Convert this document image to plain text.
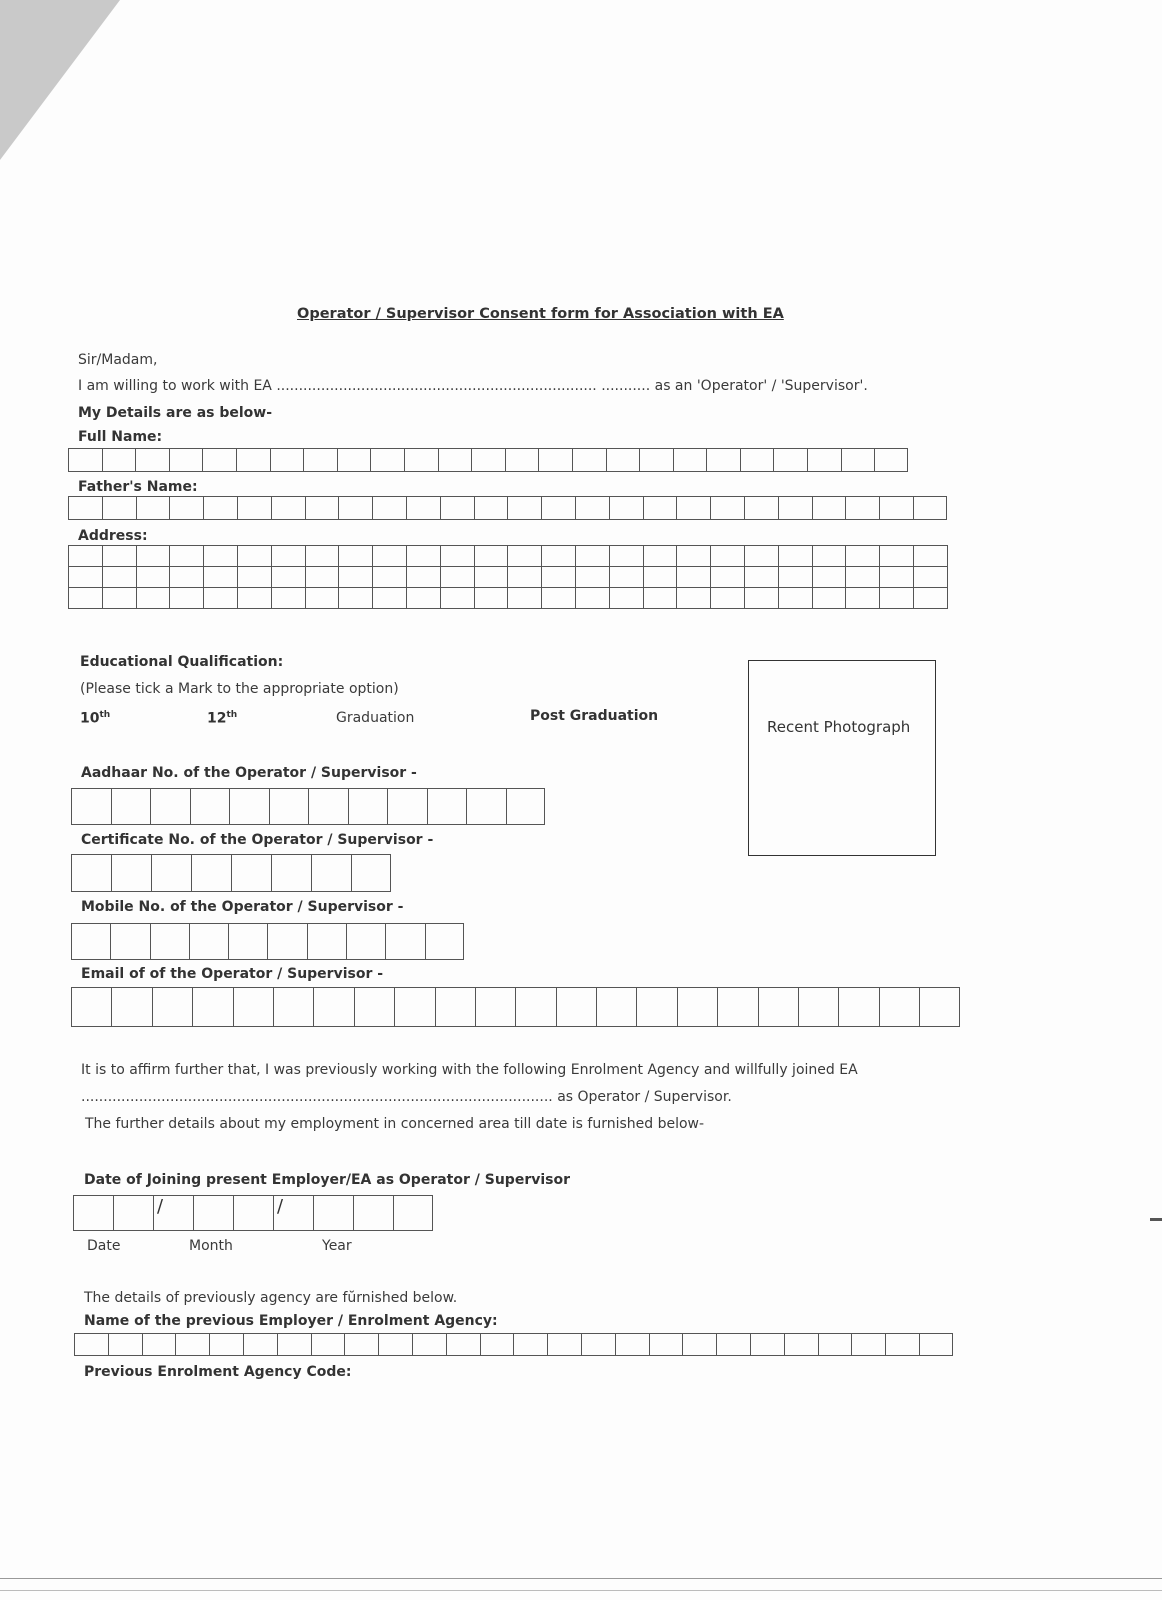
Operator / Supervisor Consent form for Association with EA
Sir/Madam,
I am willing to work with EA ........................................................................ ........... as an 'Operator' / 'Supervisor'.
My Details are as below-
Full Name:
Father's Name:
Address:
Educational Qualification:
(Please tick a Mark to the appropriate option)
10th	12th	Graduation	Post Graduation
Recent Photograph
Aadhaar No. of the Operator / Supervisor -
Certificate No. of the Operator / Supervisor -
Mobile No. of the Operator / Supervisor -
Email of of the Operator / Supervisor -
It is to affirm further that, I was previously working with the following Enrolment Agency and willfully joined EA
.......................................................................................................... as Operator / Supervisor.
The further details about my employment in concerned area till date is furnished below-
Date of Joining present Employer/EA as Operator / Supervisor
/	/
Date	Month	Year
The details of previously agency are fŭrnished below.
Name of the previous Employer / Enrolment Agency:
Previous Enrolment Agency Code:
